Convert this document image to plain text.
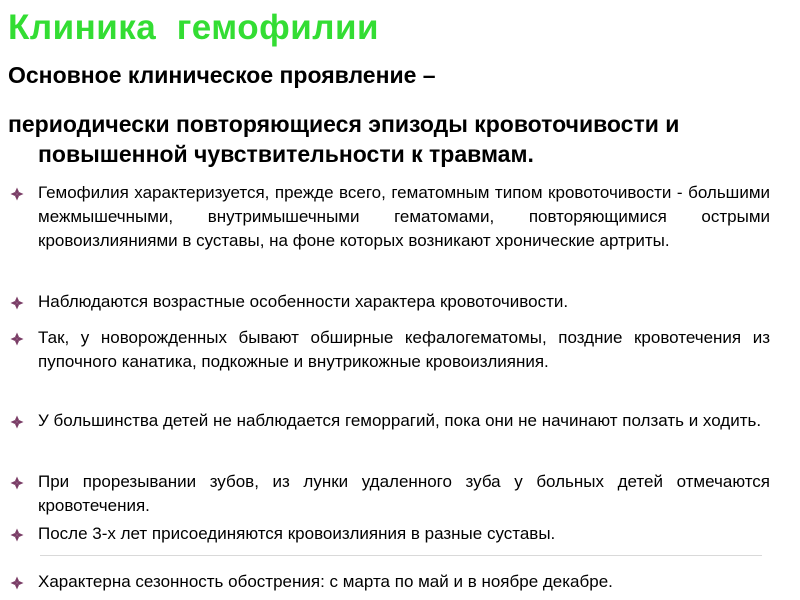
Клиника  гемофилии
Основное клиническое проявление –
периодически повторяющиеся эпизоды кровоточивости и повышенной чувствительности к травмам.
Гемофилия характеризуется, прежде всего, гематомным типом кровоточивости - большими межмышечными, внутримышечными гематомами, повторяющимися острыми кровоизлияниями в суставы, на фоне которых возникают хронические артриты.
Наблюдаются возрастные особенности характера кровоточивости.
Так, у новорожденных бывают обширные кефалогематомы, поздние кровотечения из пупочного канатика, подкожные и внутрикожные кровоизлияния.
У большинства детей не наблюдается геморрагий, пока они не начинают ползать и ходить.
При прорезывании зубов, из лунки удаленного зуба у больных детей отмечаются кровотечения.
После 3-х лет присоединяются кровоизлияния в разные суставы.
Характерна сезонность обострения: с марта по май и в ноябре декабре.
